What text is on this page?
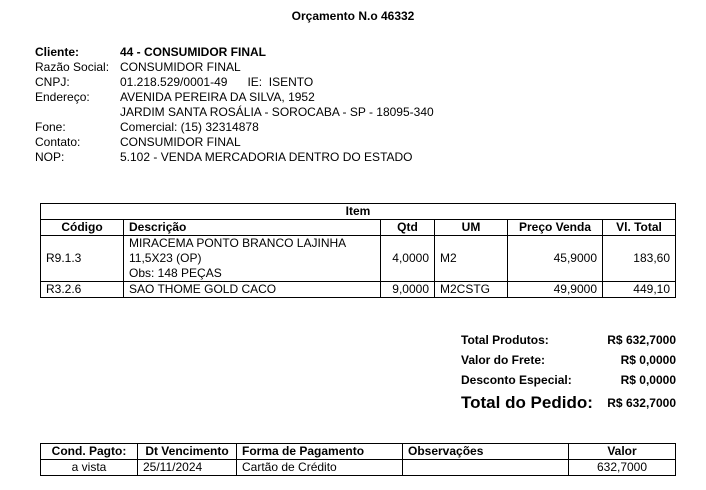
Orçamento N.o 46332
Cliente:	44 - CONSUMIDOR FINAL
Razão Social: CONSUMIDOR FINAL
CNPJ:	01.218.529/0001-49 IE: ISENTO
Endereço:	AVENIDA PEREIRA DA SILVA, 1952
JARDIM SANTA ROSÁLIA - SOROCABA - SP - 18095-340
Fone:	Comercial: (15) 32314878
Contato:	CONSUMIDOR FINAL
NOP:	5.102 - VENDA MERCADORIA DENTRO DO ESTADO
Item					
Código	Descrição	Qtd	UM	Preço Venda	Vl. Total
R9.1.3	MIRACEMA PONTO BRANCO LAJINHA
11,5X23 (OP)
Obs: 148 PEÇAS	4,0000	M2	45,9000	183,60
R3.2.6	SAO THOME GOLD CACO	9,0000	M2CSTG	49,9000	449,10
Total Produtos:	R$ 632,7000
Valor do Frete:	R$ 0,0000
Desconto Especial:	R$ 0,0000
Total do Pedido: R$ 632,7000
Cond. Pagto:	Dt Vencimento	Forma de Pagamento	Observações	Valor
a vista	25/11/2024	Cartão de Crédito		632,7000
